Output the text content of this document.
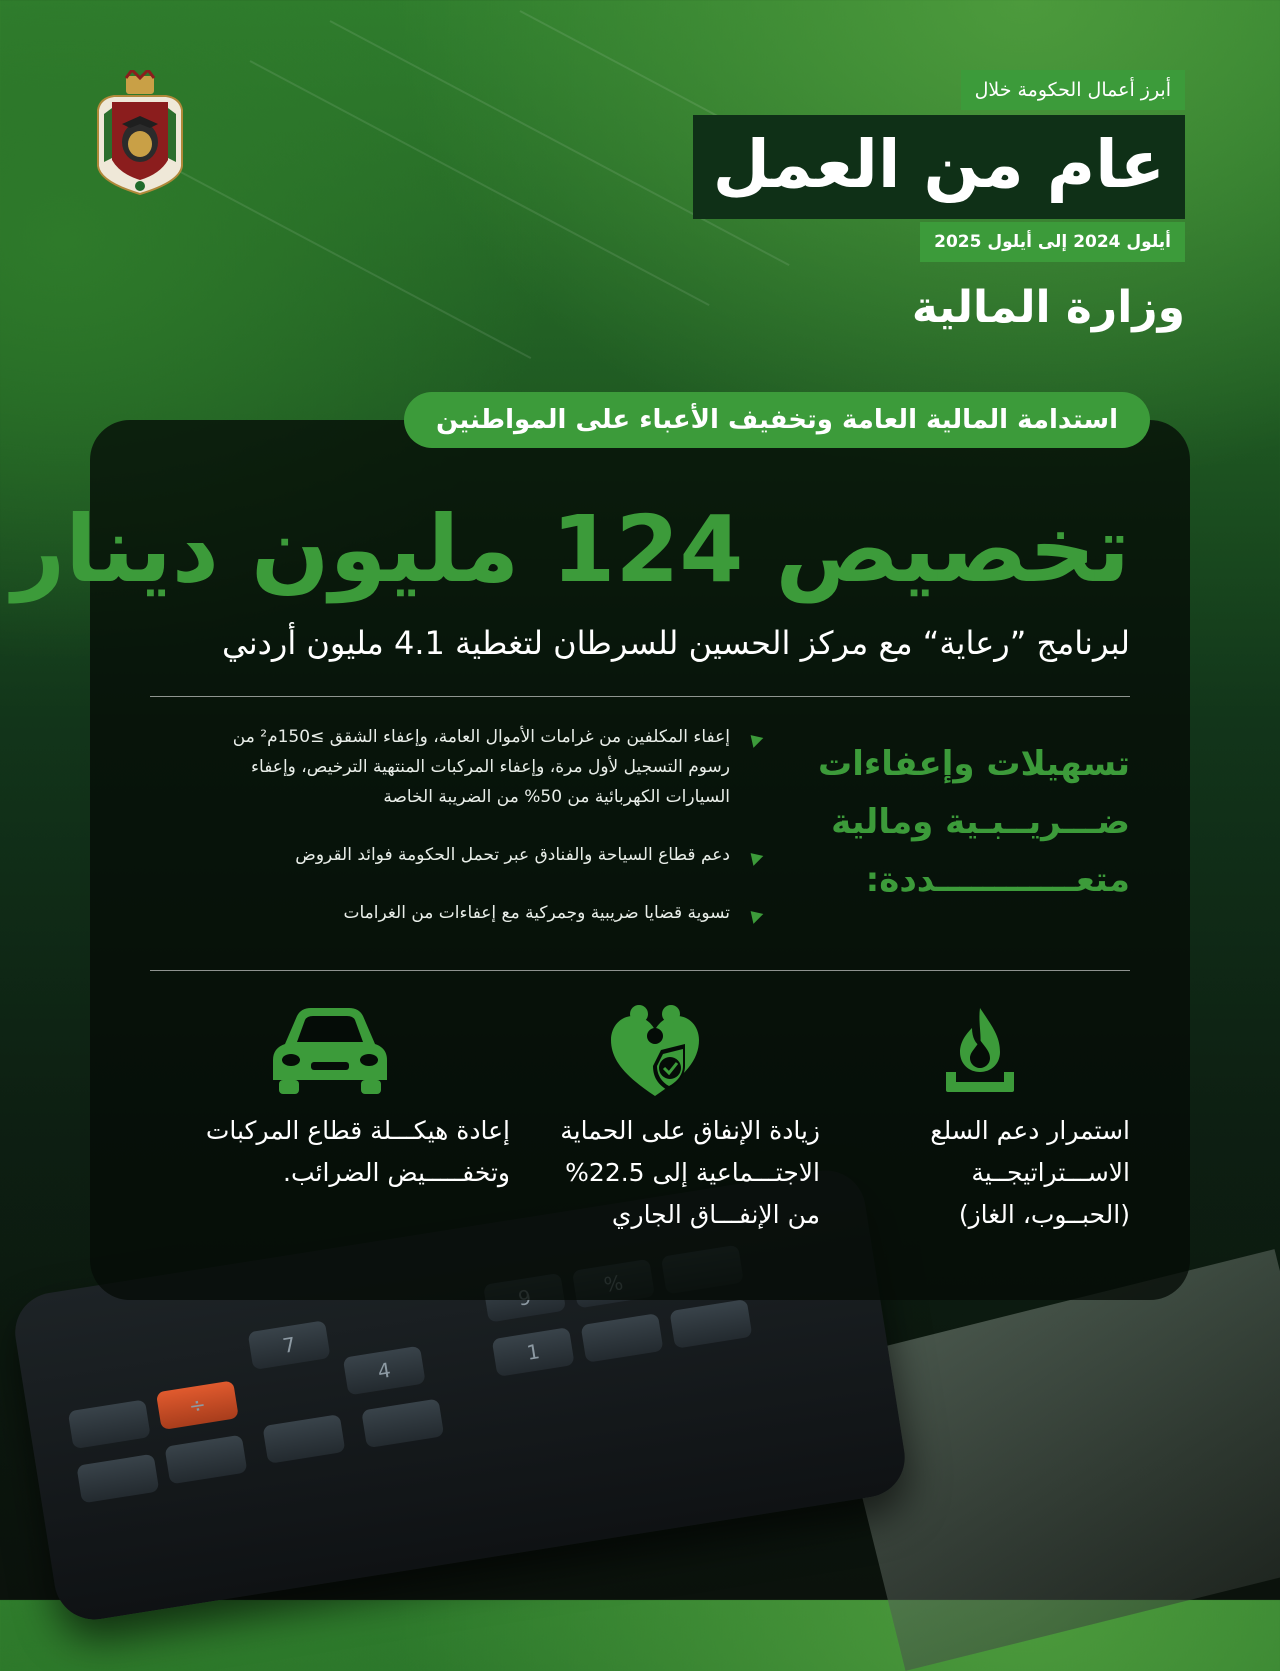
7
4
1
÷
أبرز أعمال الحكومة خلال
عام من العمل
أيلول 2024 إلى أيلول 2025
وزارة المالية
استدامة المالية العامة وتخفيف الأعباء على المواطنين
تخصيص 124 مليون دينار
لبرنامج ”رعاية“ مع مركز الحسين للسرطان لتغطية 4.1 مليون أردني
تسهيلات وإعفاءات
ضـــريــبـية ومالية
متعــــــــــــددة:
إعفاء المكلفين من غرامات الأموال العامة، وإعفاء الشقق ≥150م² من رسوم التسجيل لأول مرة، وإعفاء المركبات المنتهية الترخيص، وإعفاء السيارات الكهربائية من 50% من الضريبة الخاصة
دعم قطاع السياحة والفنادق عبر تحمل الحكومة فوائد القروض
تسوية قضايا ضريبية وجمركية مع إعفاءات من الغرامات
استمرار دعم السلع
الاســـتراتيجــية
(الحبــوب، الغاز)
زيادة الإنفاق على الحماية
الاجتـــماعية إلى 22.5%
من الإنفـــاق الجاري
إعادة هيكـــلة قطاع المركبات
وتخفـــــيض الضرائب.
